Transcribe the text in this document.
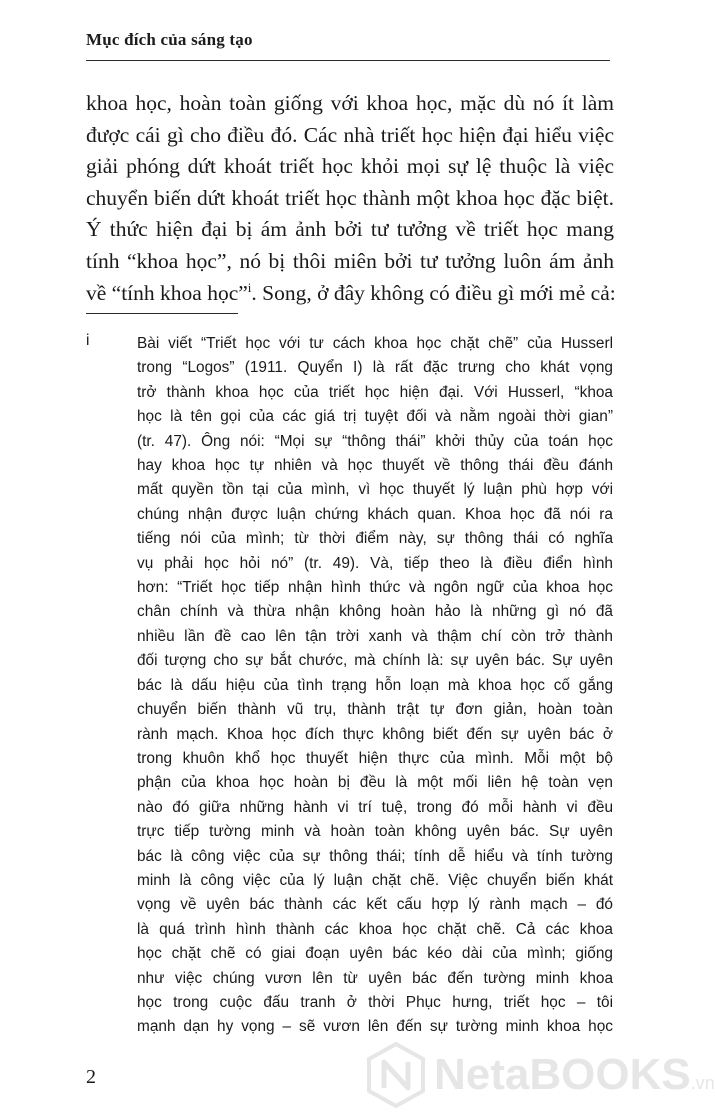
Mục đích của sáng tạo
khoa học, hoàn toàn giống với khoa học, mặc dù nó ít làm
được cái gì cho điều đó. Các nhà triết học hiện đại hiểu việc
giải phóng dứt khoát triết học khỏi mọi sự lệ thuộc là việc
chuyển biến dứt khoát triết học thành một khoa học đặc biệt.
Ý thức hiện đại bị ám ảnh bởi tư tưởng về triết học mang
tính “khoa học”, nó bị thôi miên bởi tư tưởng luôn ám ảnh
về “tính khoa học”$^i$. Song, ở đây không có điều gì mới mẻ cả:
i	Bài viết “Triết học với tư cách khoa học chặt chẽ” của Husserl
trong “Logos” (1911. Quyển I) là rất đặc trưng cho khát vọng
trở thành khoa học của triết học hiện đại. Với Husserl, “khoa
học là tên gọi của các giá trị tuyệt đối và nằm ngoài thời gian”
(tr. 47). Ông nói: “Mọi sự “thông thái” khởi thủy của toán học
hay khoa học tự nhiên và học thuyết về thông thái đều đánh
mất quyền tồn tại của mình, vì học thuyết lý luận phù hợp với
chúng nhận được luận chứng khách quan. Khoa học đã nói ra
tiếng nói của mình; từ thời điểm này, sự thông thái có nghĩa
vụ phải học hỏi nó” (tr. 49). Và, tiếp theo là điều điển hình
hơn: “Triết học tiếp nhận hình thức và ngôn ngữ của khoa học
chân chính và thừa nhận không hoàn hảo là những gì nó đã
nhiều lần đề cao lên tận trời xanh và thậm chí còn trở thành
đối tượng cho sự bắt chước, mà chính là: sự uyên bác. Sự uyên
bác là dấu hiệu của tình trạng hỗn loạn mà khoa học cố gắng
chuyển biến thành vũ trụ, thành trật tự đơn giản, hoàn toàn
rành mạch. Khoa học đích thực không biết đến sự uyên bác ở
trong khuôn khổ học thuyết hiện thực của mình. Mỗi một bộ
phận của khoa học hoàn bị đều là một mối liên hệ toàn vẹn
nào đó giữa những hành vi trí tuệ, trong đó mỗi hành vi đều
trực tiếp tường minh và hoàn toàn không uyên bác. Sự uyên
bác là công việc của sự thông thái; tính dễ hiểu và tính tường
minh là công việc của lý luận chặt chẽ. Việc chuyển biến khát
vọng về uyên bác thành các kết cấu hợp lý rành mạch – đó
là quá trình hình thành các khoa học chặt chẽ. Cả các khoa
học chặt chẽ có giai đoạn uyên bác kéo dài của mình; giống
như việc chúng vươn lên từ uyên bác đến tường minh khoa
học trong cuộc đấu tranh ở thời Phục hưng, triết học – tôi
mạnh dạn hy vọng – sẽ vươn lên đến sự tường minh khoa học
2	NetaBOOKS.vn
